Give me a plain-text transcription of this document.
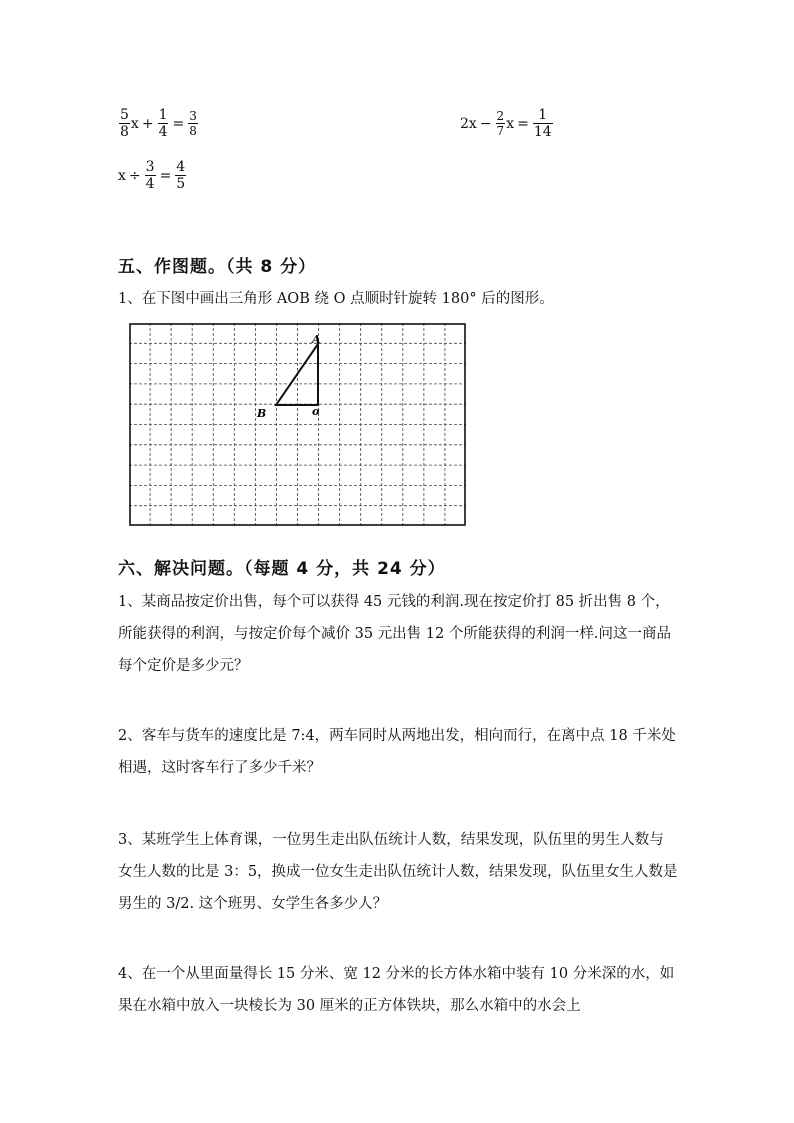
$\frac{5}{8}$ $x + \frac{1}{4} = \frac{3}{8}$	$2x - \frac{2}{7}$ $x = \frac{1}{14}$
$x \div \frac{3}{4} = \frac{4}{5}$
五、作图题。（共 8 分）
1、在下图中画出三角形 AOB 绕 O 点顺时针旋转 180° 后的图形。
A
B	o
六、解决问题。（每题 4 分，共 24 分）
1、某商品按定价出售，每个可以获得 45 元钱的利润.现在按定价打 85 折出售 8 个，所能获得的利润，与按定价每个减价 35 元出售 12 个所能获得的利润一样.问这一商品每个定价是多少元？
2、客车与货车的速度比是 7:4，两车同时从两地出发，相向而行，在离中点 18 千米处相遇，这时客车行了多少千米？
3、某班学生上体育课，一位男生走出队伍统计人数，结果发现，队伍里的男生人数与女生人数的比是 3：5，换成一位女生走出队伍统计人数，结果发现，队伍里女生人数是男生的 3/2. 这个班男、女学生各多少人？
4、在一个从里面量得长 15 分米、宽 12 分米的长方体水箱中装有 10 分米深的水，如果在水箱中放入一块棱长为 30 厘米的正方体铁块，那么水箱中的水会上
